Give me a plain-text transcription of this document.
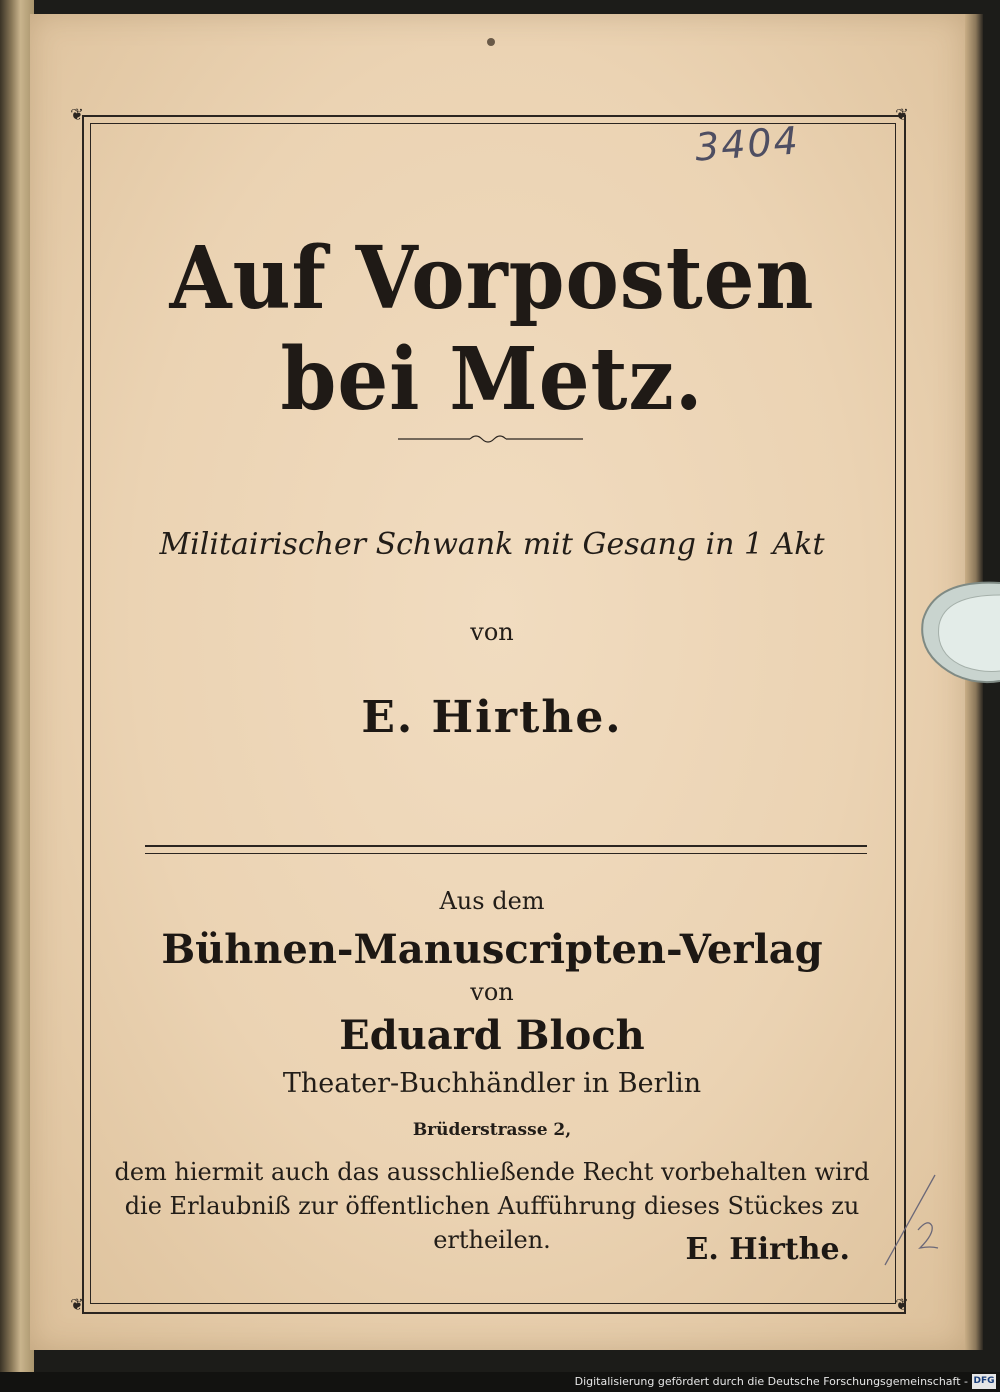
❦	❦
❦	❦
3404
Auf Vorposten bei Metz.
Militairischer Schwank mit Gesang in 1 Akt
von
E. Hirthe.
Aus dem
Bühnen-Manuscripten-Verlag
von
Eduard Bloch
Theater-Buchhändler in Berlin
Brüderstrasse 2,
dem hiermit auch das ausschließende Recht vorbehalten wird die Erlaubniß zur öffentlichen Aufführung dieses Stückes zu ertheilen.	E. Hirthe.
Digitalisierung gefördert durch die Deutsche Forschungsgemeinschaft - DFG
